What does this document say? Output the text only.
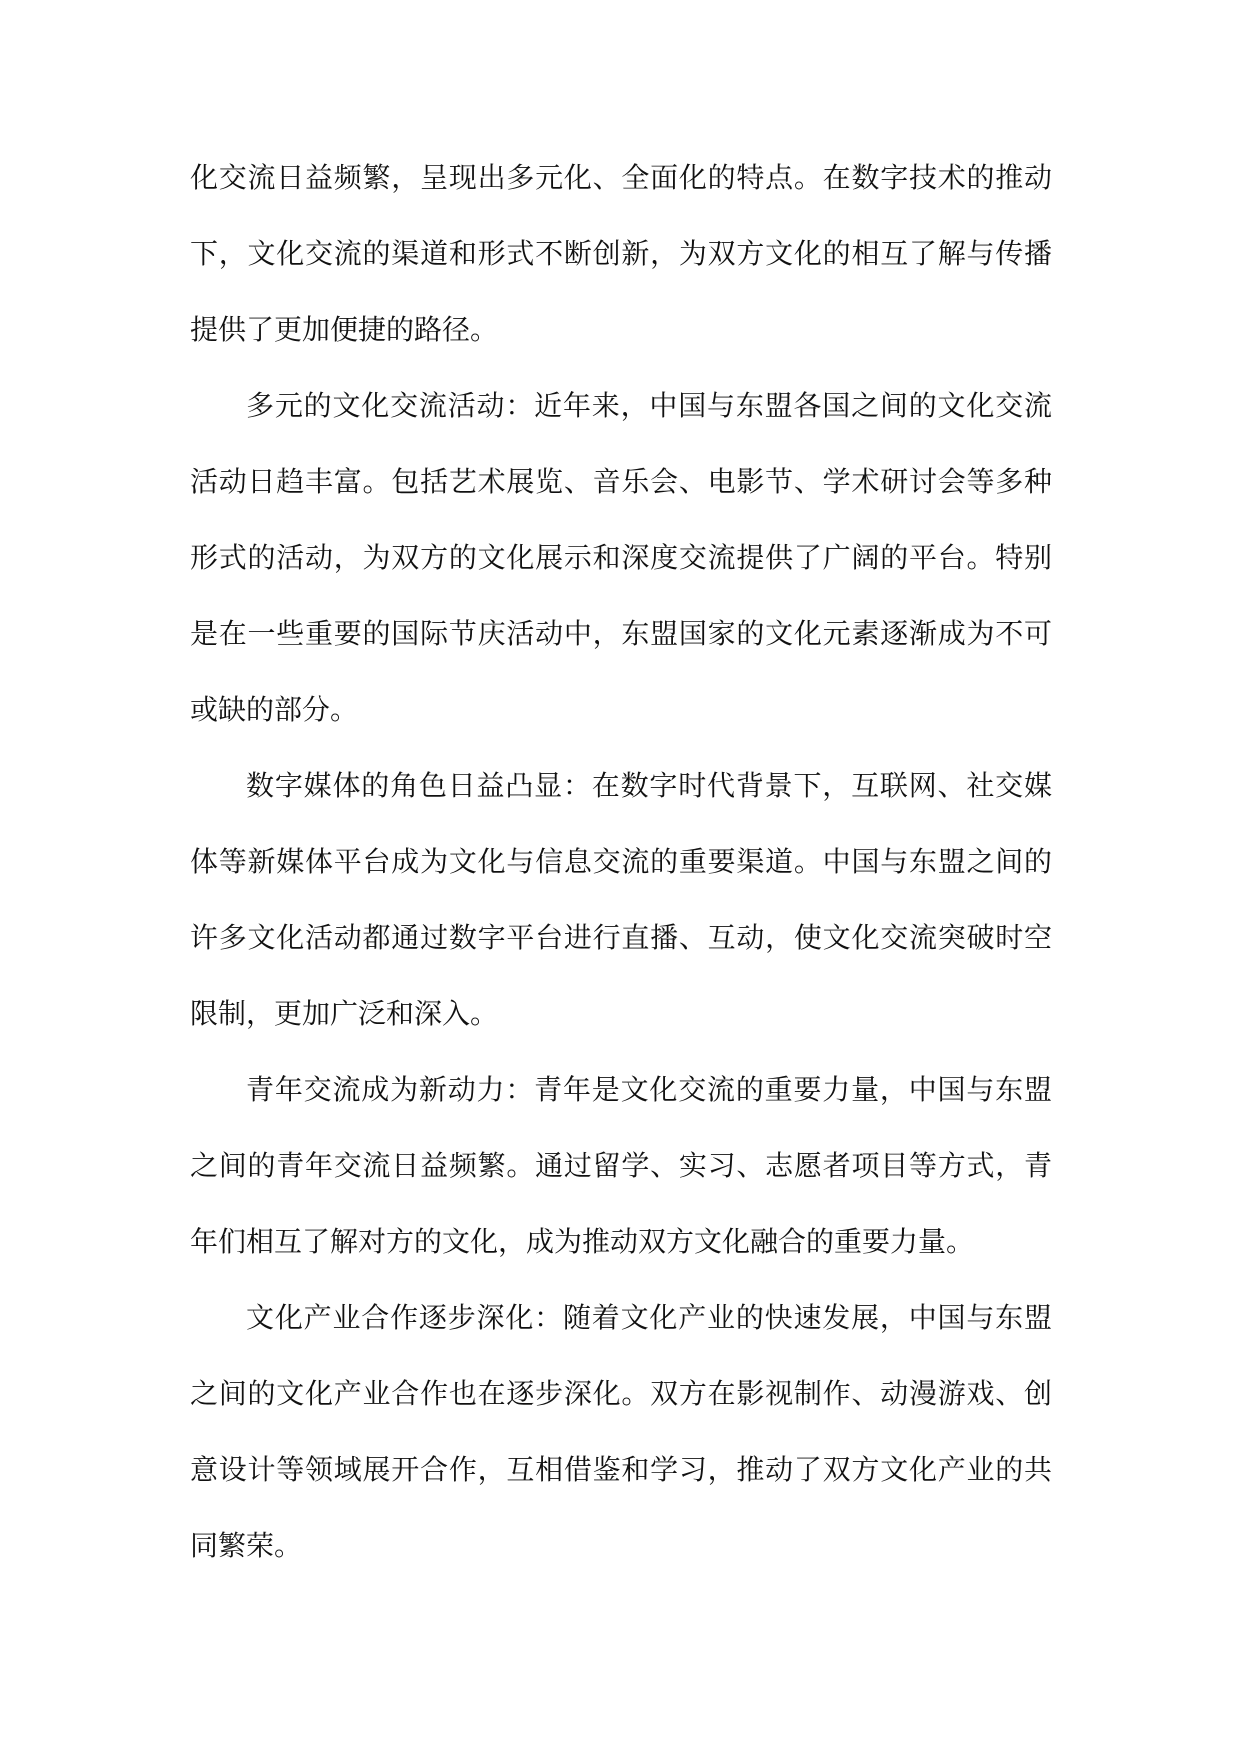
化交流日益频繁，呈现出多元化、全面化的特点。在数字技术的推动下，文化交流的渠道和形式不断创新，为双方文化的相互了解与传播提供了更加便捷的路径。

多元的文化交流活动：近年来，中国与东盟各国之间的文化交流活动日趋丰富。包括艺术展览、音乐会、电影节、学术研讨会等多种形式的活动，为双方的文化展示和深度交流提供了广阔的平台。特别是在一些重要的国际节庆活动中，东盟国家的文化元素逐渐成为不可或缺的部分。

数字媒体的角色日益凸显：在数字时代背景下，互联网、社交媒体等新媒体平台成为文化与信息交流的重要渠道。中国与东盟之间的许多文化活动都通过数字平台进行直播、互动，使文化交流突破时空限制，更加广泛和深入。

青年交流成为新动力：青年是文化交流的重要力量，中国与东盟之间的青年交流日益频繁。通过留学、实习、志愿者项目等方式，青年们相互了解对方的文化，成为推动双方文化融合的重要力量。

文化产业合作逐步深化：随着文化产业的快速发展，中国与东盟之间的文化产业合作也在逐步深化。双方在影视制作、动漫游戏、创意设计等领域展开合作，互相借鉴和学习，推动了双方文化产业的共同繁荣。
